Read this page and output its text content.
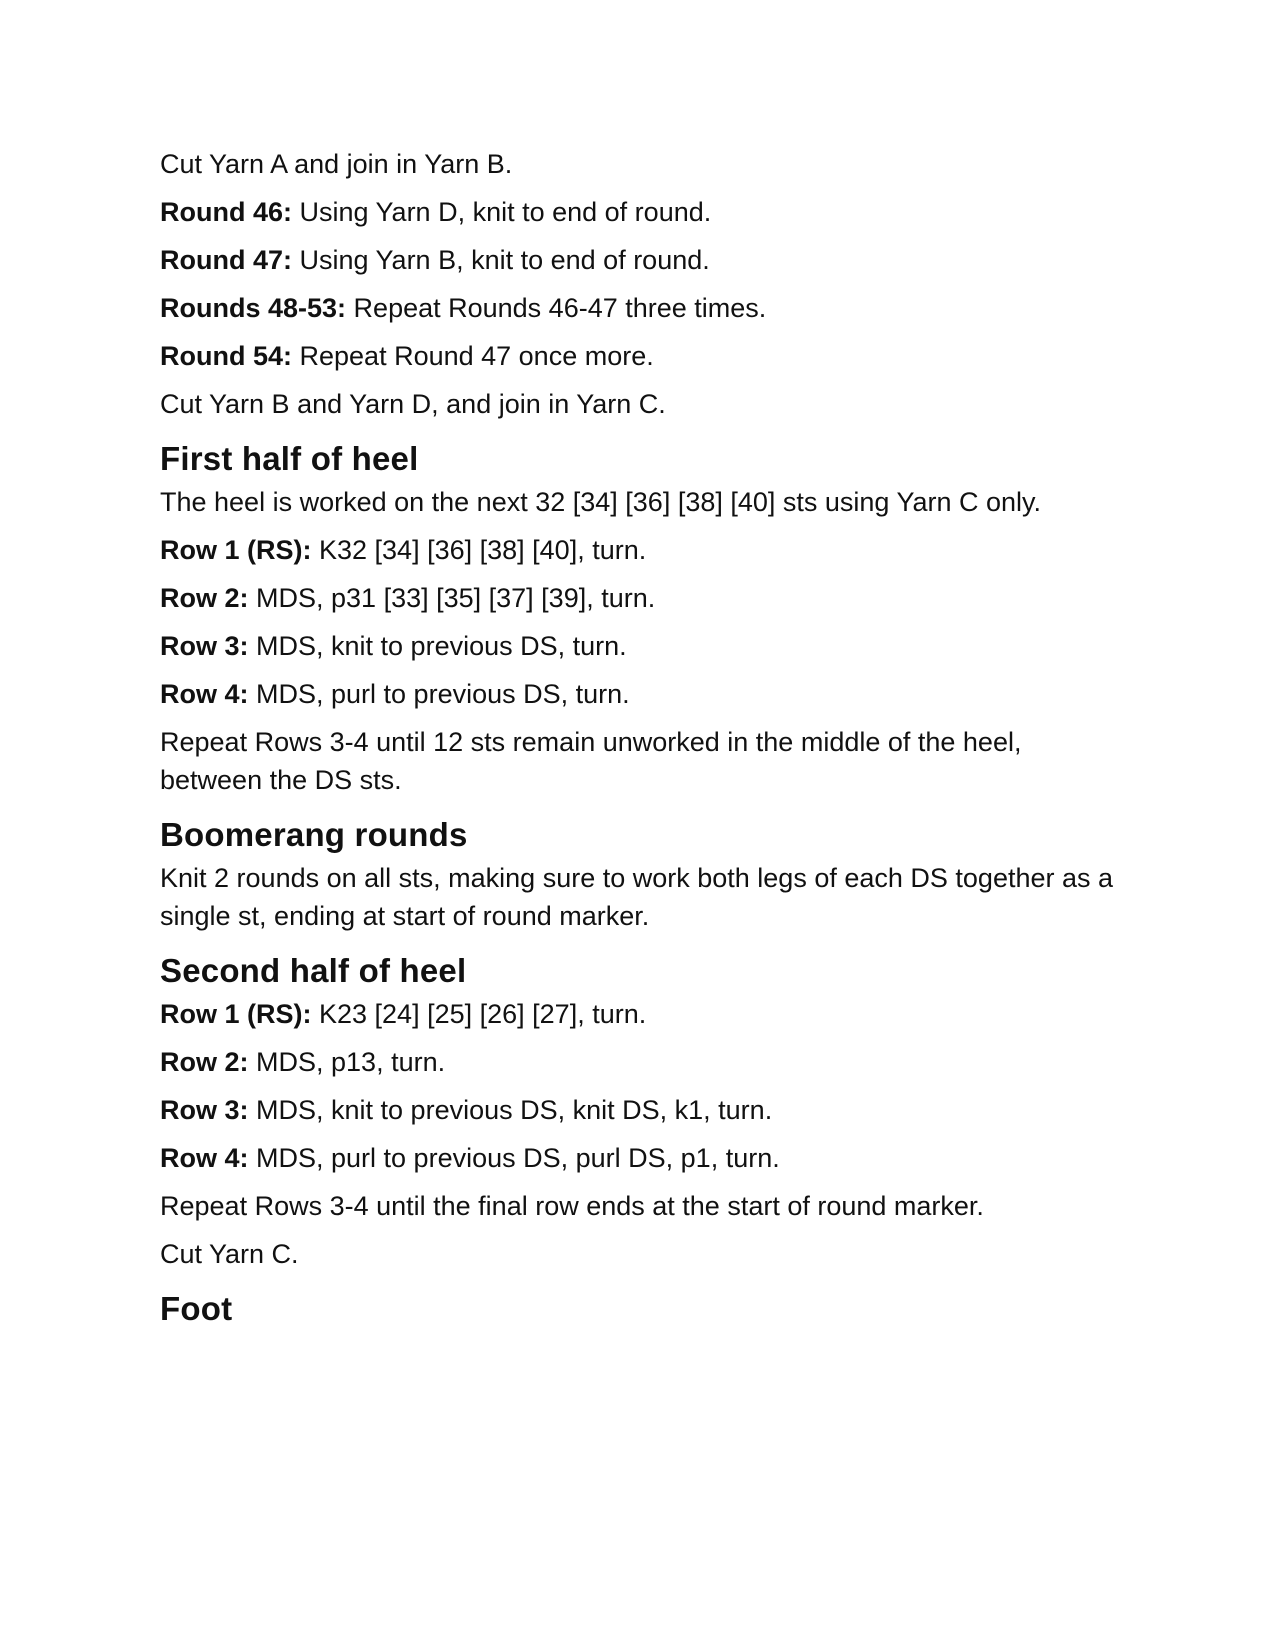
Cut Yarn A and join in Yarn B.

Round 46: Using Yarn D, knit to end of round.

Round 47: Using Yarn B, knit to end of round.

Rounds 48-53: Repeat Rounds 46-47 three times.

Round 54: Repeat Round 47 once more.

Cut Yarn B and Yarn D, and join in Yarn C.

First half of heel

The heel is worked on the next 32 [34] [36] [38] [40] sts using Yarn C only.

Row 1 (RS): K32 [34] [36] [38] [40], turn.

Row 2: MDS, p31 [33] [35] [37] [39], turn.

Row 3: MDS, knit to previous DS, turn.

Row 4: MDS, purl to previous DS, turn.

Repeat Rows 3-4 until 12 sts remain unworked in the middle of the heel, between the DS sts.

Boomerang rounds

Knit 2 rounds on all sts, making sure to work both legs of each DS together as a single st, ending at start of round marker.

Second half of heel

Row 1 (RS): K23 [24] [25] [26] [27], turn.

Row 2: MDS, p13, turn.

Row 3: MDS, knit to previous DS, knit DS, k1, turn.

Row 4: MDS, purl to previous DS, purl DS, p1, turn.

Repeat Rows 3-4 until the final row ends at the start of round marker.

Cut Yarn C.

Foot
